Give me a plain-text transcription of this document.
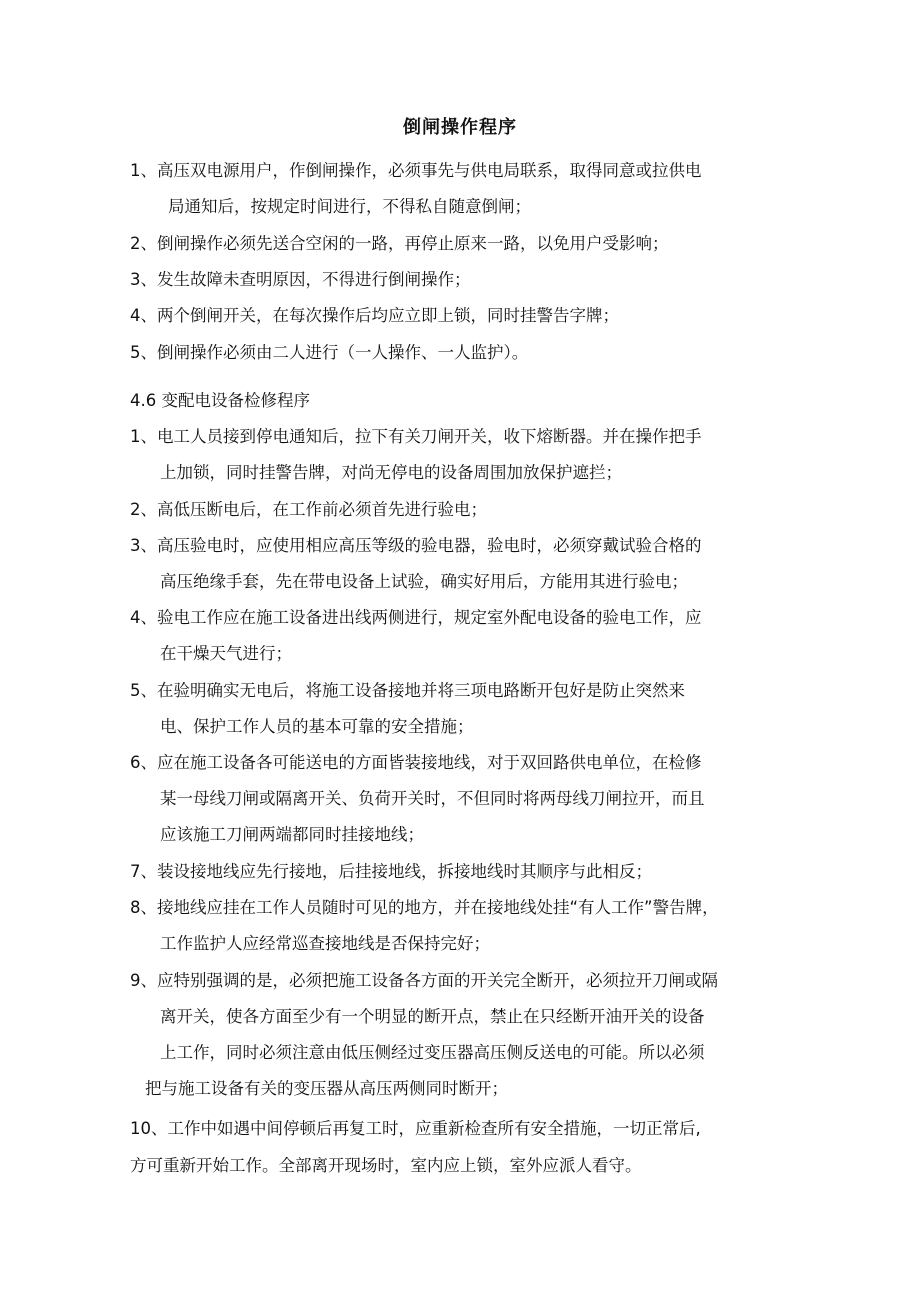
倒闸操作程序
1、高压双电源用户，作倒闸操作，必须事先与供电局联系，取得同意或拉供电
局通知后，按规定时间进行，不得私自随意倒闸；
2、倒闸操作必须先送合空闲的一路，再停止原来一路，以免用户受影响；
3、发生故障未查明原因，不得进行倒闸操作；
4、两个倒闸开关，在每次操作后均应立即上锁，同时挂警告字牌；
5、倒闸操作必须由二人进行（一人操作、一人监护）。
4.6 变配电设备检修程序
1、电工人员接到停电通知后，拉下有关刀闸开关，收下熔断器。并在操作把手
上加锁，同时挂警告牌，对尚无停电的设备周围加放保护遮拦；
2、高低压断电后，在工作前必须首先进行验电；
3、高压验电时，应使用相应高压等级的验电器，验电时，必须穿戴试验合格的
高压绝缘手套，先在带电设备上试验，确实好用后，方能用其进行验电；
4、验电工作应在施工设备进出线两侧进行，规定室外配电设备的验电工作，应
在干燥天气进行；
5、在验明确实无电后，将施工设备接地并将三项电路断开包好是防止突然来
电、保护工作人员的基本可靠的安全措施；
6、应在施工设备各可能送电的方面皆装接地线，对于双回路供电单位，在检修
某一母线刀闸或隔离开关、负荷开关时，不但同时将两母线刀闸拉开，而且
应该施工刀闸两端都同时挂接地线；
7、装设接地线应先行接地，后挂接地线，拆接地线时其顺序与此相反；
8、接地线应挂在工作人员随时可见的地方，并在接地线处挂“有人工作”警告牌，
工作监护人应经常巡查接地线是否保持完好；
9、应特别强调的是，必须把施工设备各方面的开关完全断开，必须拉开刀闸或隔
离开关，使各方面至少有一个明显的断开点，禁止在只经断开油开关的设备
上工作，同时必须注意由低压侧经过变压器高压侧反送电的可能。所以必须
把与施工设备有关的变压器从高压两侧同时断开；
10、工作中如遇中间停顿后再复工时，应重新检查所有安全措施，一切正常后,
方可重新开始工作。全部离开现场时，室内应上锁，室外应派人看守。
